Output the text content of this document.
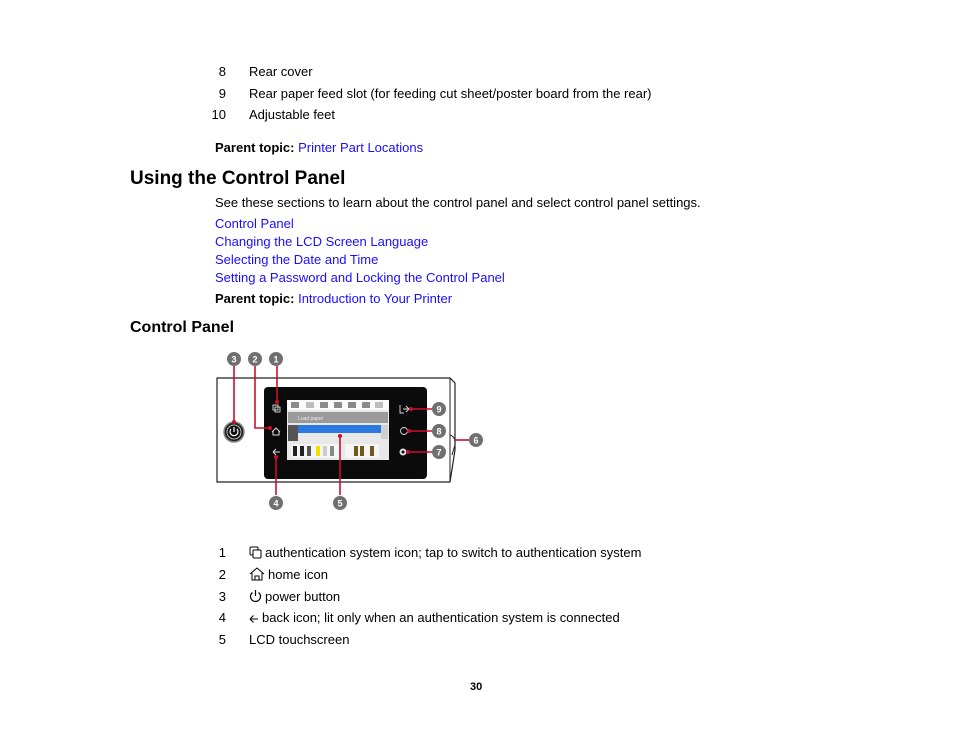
8 Rear cover
9 Rear paper feed slot (for feeding cut sheet/poster board from the rear)
10 Adjustable feet
Parent topic: Printer Part Locations
Using the Control Panel
See these sections to learn about the control panel and select control panel settings.
Control Panel
Changing the LCD Screen Language
Selecting the Date and Time
Setting a Password and Locking the Control Panel
Parent topic: Introduction to Your Printer
Control Panel
Load paper
1
2
3
4	5
6
7
8
9
1	authentication system icon; tap to switch to authentication system
2	home icon
3	power button
4	back icon; lit only when an authentication system is connected
5 LCD touchscreen
30
